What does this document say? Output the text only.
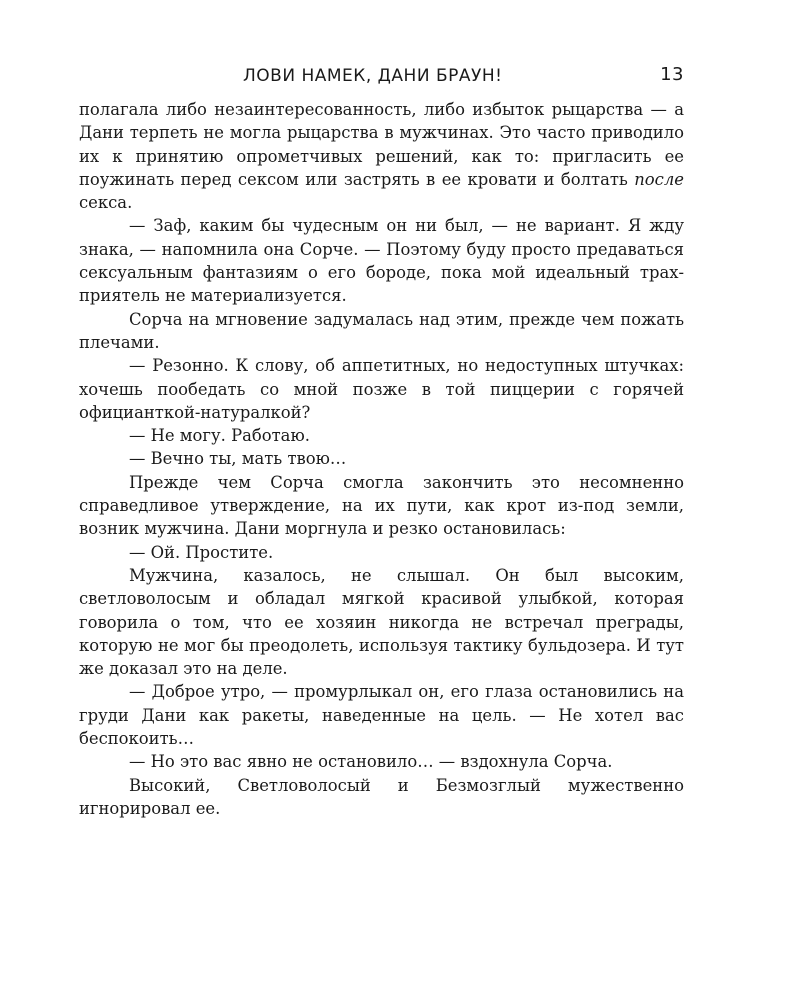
ЛОВИ НАМЕК, ДАНИ БРАУН!	13

полагала либо незаинтересованность, либо избыток рыцарства — а Дани терпеть не могла рыцарства в мужчинах. Это часто приводило их к принятию опрометчивых решений, как то: пригласить ее поужинать перед сексом или застрять в ее кровати и болтать после секса.

— Заф, каким бы чудесным он ни был, — не вариант. Я жду знака, — напомнила она Сорче. — Поэтому буду просто предаваться сексуальным фантазиям о его бороде, пока мой идеальный трах-приятель не материализуется.

Сорча на мгновение задумалась над этим, прежде чем пожать плечами.

— Резонно. К слову, об аппетитных, но недоступных штучках: хочешь пообедать со мной позже в той пиццерии с горячей официанткой-натуралкой?

— Не могу. Работаю.

— Вечно ты, мать твою…

Прежде чем Сорча смогла закончить это несомненно справедливое утверждение, на их пути, как крот из-под земли, возник мужчина. Дани моргнула и резко остановилась:

— Ой. Простите.

Мужчина, казалось, не слышал. Он был высоким, светловолосым и обладал мягкой красивой улыбкой, которая говорила о том, что ее хозяин никогда не встречал преграды, которую не мог бы преодолеть, используя тактику бульдозера. И тут же доказал это на деле.

— Доброе утро, — промурлыкал он, его глаза остановились на груди Дани как ракеты, наведенные на цель. — Не хотел вас беспокоить…

— Но это вас явно не остановило… — вздохнула Сорча.

Высокий, Светловолосый и Безмозглый мужественно игнорировал ее.
